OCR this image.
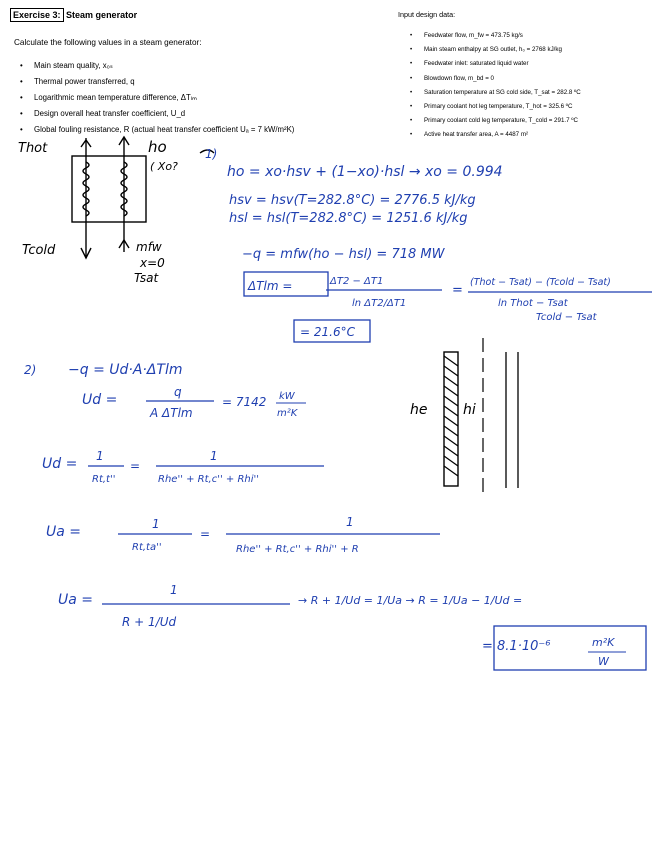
Exercise 3: Steam generator
Calculate the following values in a steam generator:
• Main steam quality, x₀ₛ
• Thermal power transferred, q
• Logarithmic mean temperature difference, ΔTₗₘ
• Design overall heat transfer coefficient, U_d
• Global fouling resistance, R (actual heat transfer coefficient Uₐ = 7 kW/m²K)
Input design data:
• Feedwater flow, m_fw = 473.75 kg/s
• Main steam enthalpy at SG outlet, h₀ = 2768 kJ/kg
• Feedwater inlet: saturated liquid water
• Blowdown flow, m_bd = 0
• Saturation temperature at SG cold side, T_sat = 282.8 ºC
• Primary coolant hot leg temperature, T_hot = 325.6 ºC
• Primary coolant cold leg temperature, T_cold = 291.7 ºC
• Active heat transfer area, A = 4487 m²
Thot
Tcold
ho
( Xo?
mfw
x=0
Tsat
1)
ho = xo·hsv + (1−xo)·hsl → xo = 0.994
hsv = hsv(T=282.8°C) = 2776.5 kJ/kg
hsl = hsl(T=282.8°C) = 1251.6 kJ/kg
−q = mfw(ho − hsl) = 718 MW
ΔTlm =	ΔT2 − ΔT1
ln ΔT2/ΔT1
=
(Thot − Tsat) − (Tcold − Tsat)
ln Thot − Tsat
Tcold − Tsat
= 21.6°C
2) −q = Ud·A·ΔTlm
Ud =	q
A ΔTlm
= 7142 kW
m²K	he	hi
Ud = 1
Rt,t''
=
1
Rhe'' + Rt,c'' + Rhi''
Ua =	1
Rt,ta''
=
1
Rhe'' + Rt,c'' + Rhi'' + R
Ua =
1
R + 1/Ud
→ R + 1/Ud = 1/Ua → R = 1/Ua − 1/Ud =
= 8.1·10⁻⁶	m²K
W
